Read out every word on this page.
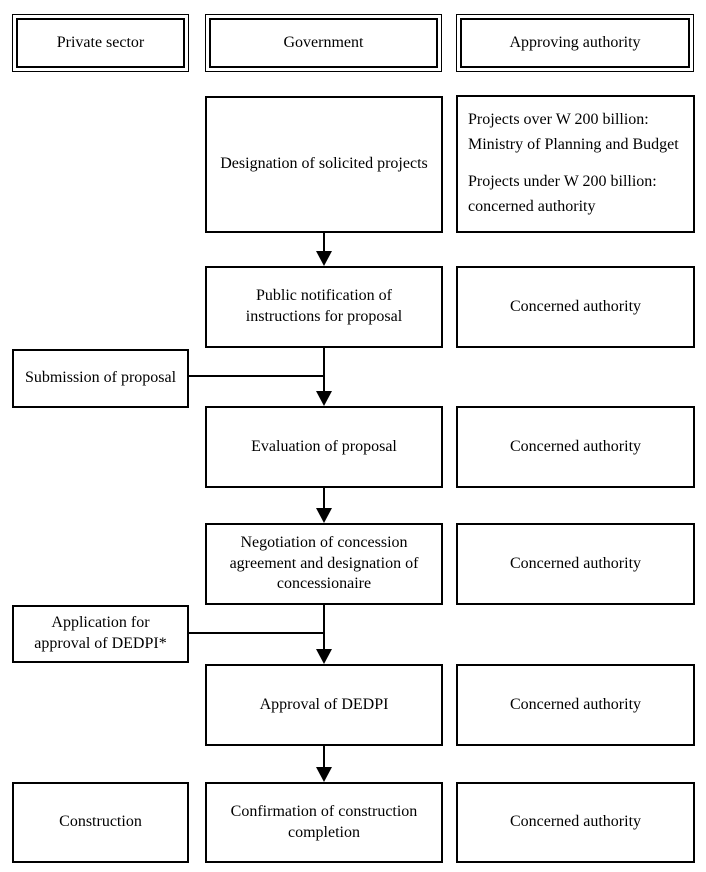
Private sector	Government	Approving authority
Designation of solicited projects
Public notification of instructions for proposal
Evaluation of proposal
Negotiation of concession agreement and designation of concessionaire
Approval of DEDPI
Confirmation of construction completion
Projects over W 200 billion: Ministry of Planning and Budget
Projects under W 200 billion: concerned authority
Concerned authority
Concerned authority
Concerned authority
Concerned authority
Concerned authority
Submission of proposal
Application for approval of DEDPI*
Construction
